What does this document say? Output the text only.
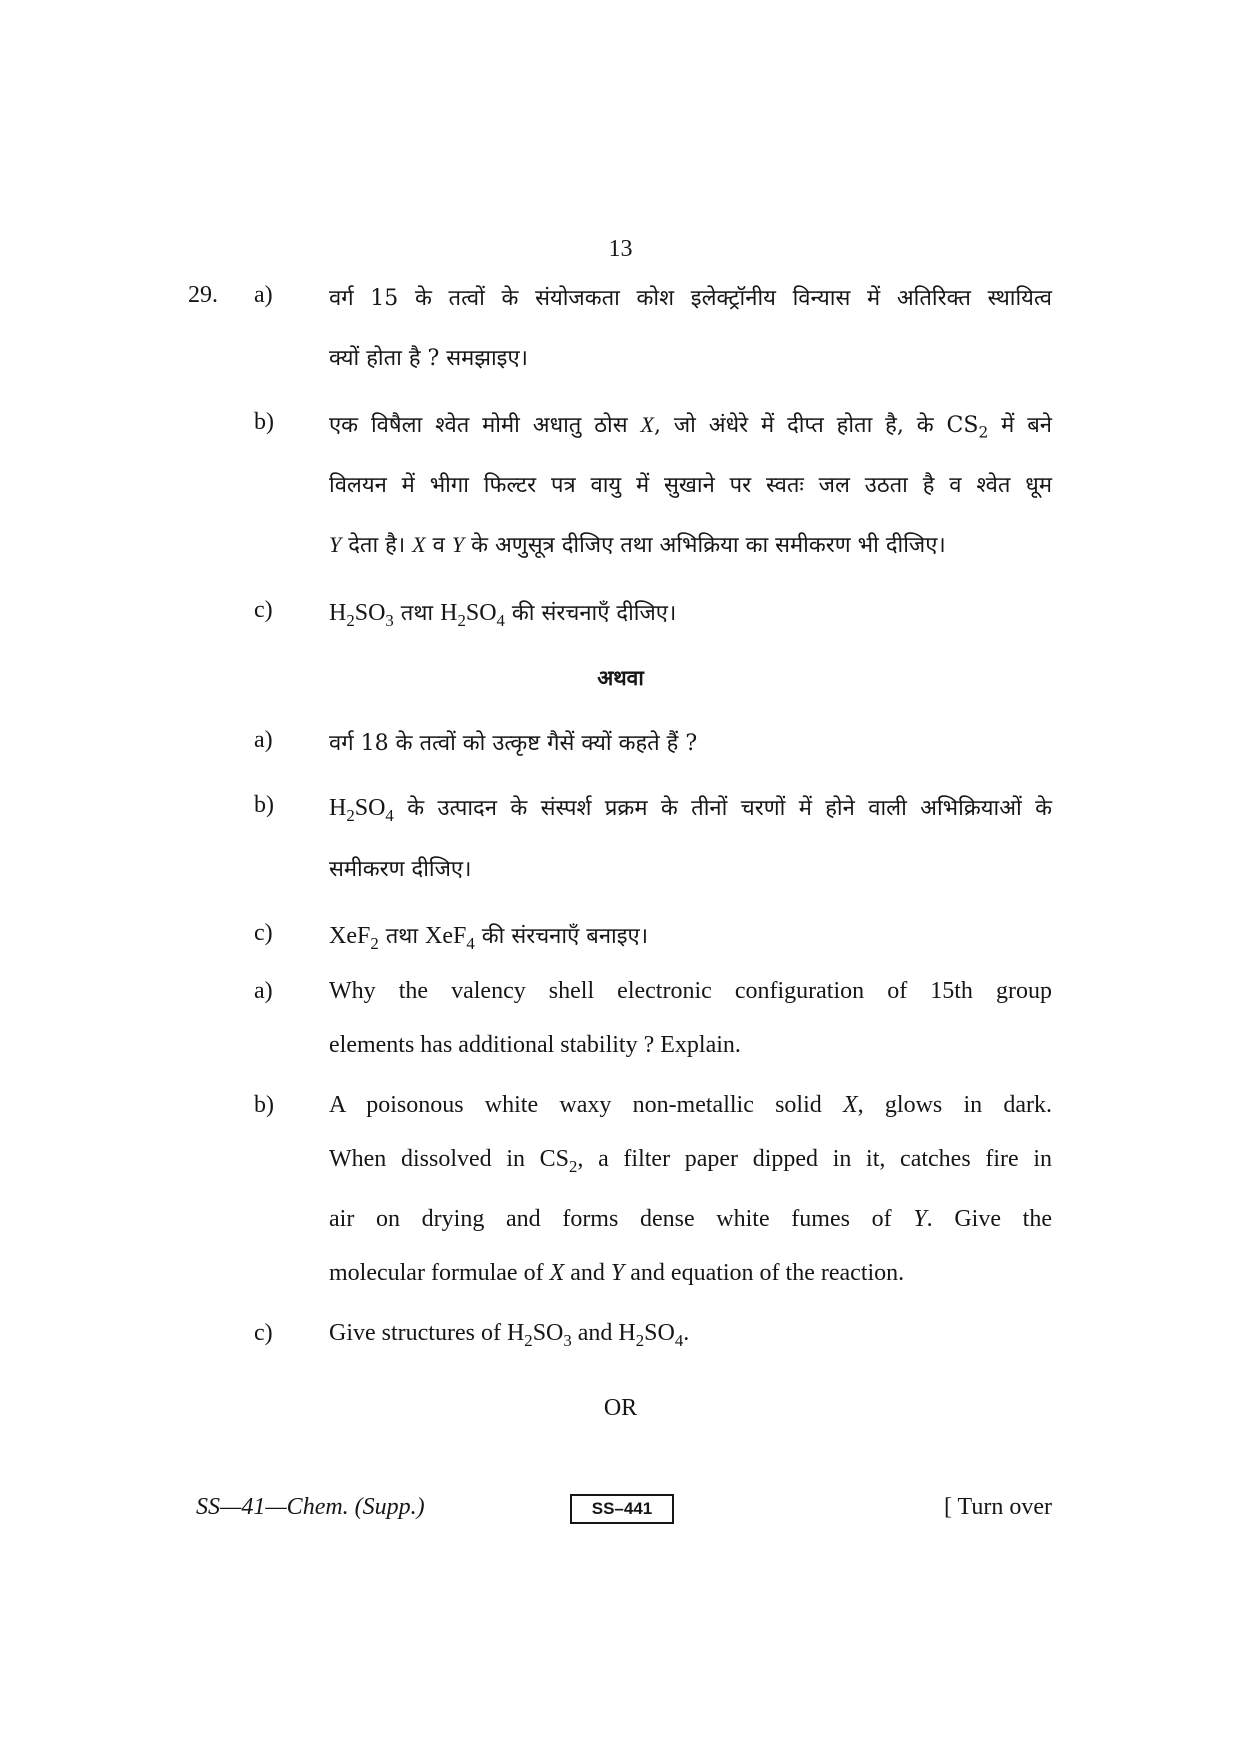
13
29. a)	वर्ग 15 के तत्वों के संयोजकता कोश इलेक्ट्रॉनीय विन्यास में अतिरिक्त स्थायित्व
क्यों होता है ? समझाइए।
b)	एक विषैला श्वेत मोमी अधातु ठोस X, जो अंधेरे में दीप्त होता है, के $CS_2$ में बने
विलयन में भीगा फिल्टर पत्र वायु में सुखाने पर स्वतः जल उठता है व श्वेत धूम
Y देता है। X व Y के अणुसूत्र दीजिए तथा अभिक्रिया का समीकरण भी दीजिए।
c) $H_2SO_3$ तथा $H_2SO_4$ की संरचनाएँ दीजिए।
अथवा
a)	वर्ग 18 के तत्वों को उत्कृष्ट गैसें क्यों कहते हैं ?
b) $H_2SO_4$ के उत्पादन के संस्पर्श प्रक्रम के तीनों चरणों में होने वाली अभिक्रियाओं के
समीकरण दीजिए।
c) XeF$_2$ तथा XeF$_4$ की संरचनाएँ बनाइए।
a) Why the valency shell electronic configuration of 15th group
elements has additional stability ? Explain.
b) A poisonous white waxy non-metallic solid X, glows in dark.
When dissolved in $CS_2$, a filter paper dipped in it, catches fire in
air on drying and forms dense white fumes of Y. Give the
molecular formulae of X and Y and equation of the reaction.
c) Give structures of $H_2SO_3$ and $H_2SO_4$.
OR
SS—41—Chem. (Supp.)	SS–441	[ Turn over
